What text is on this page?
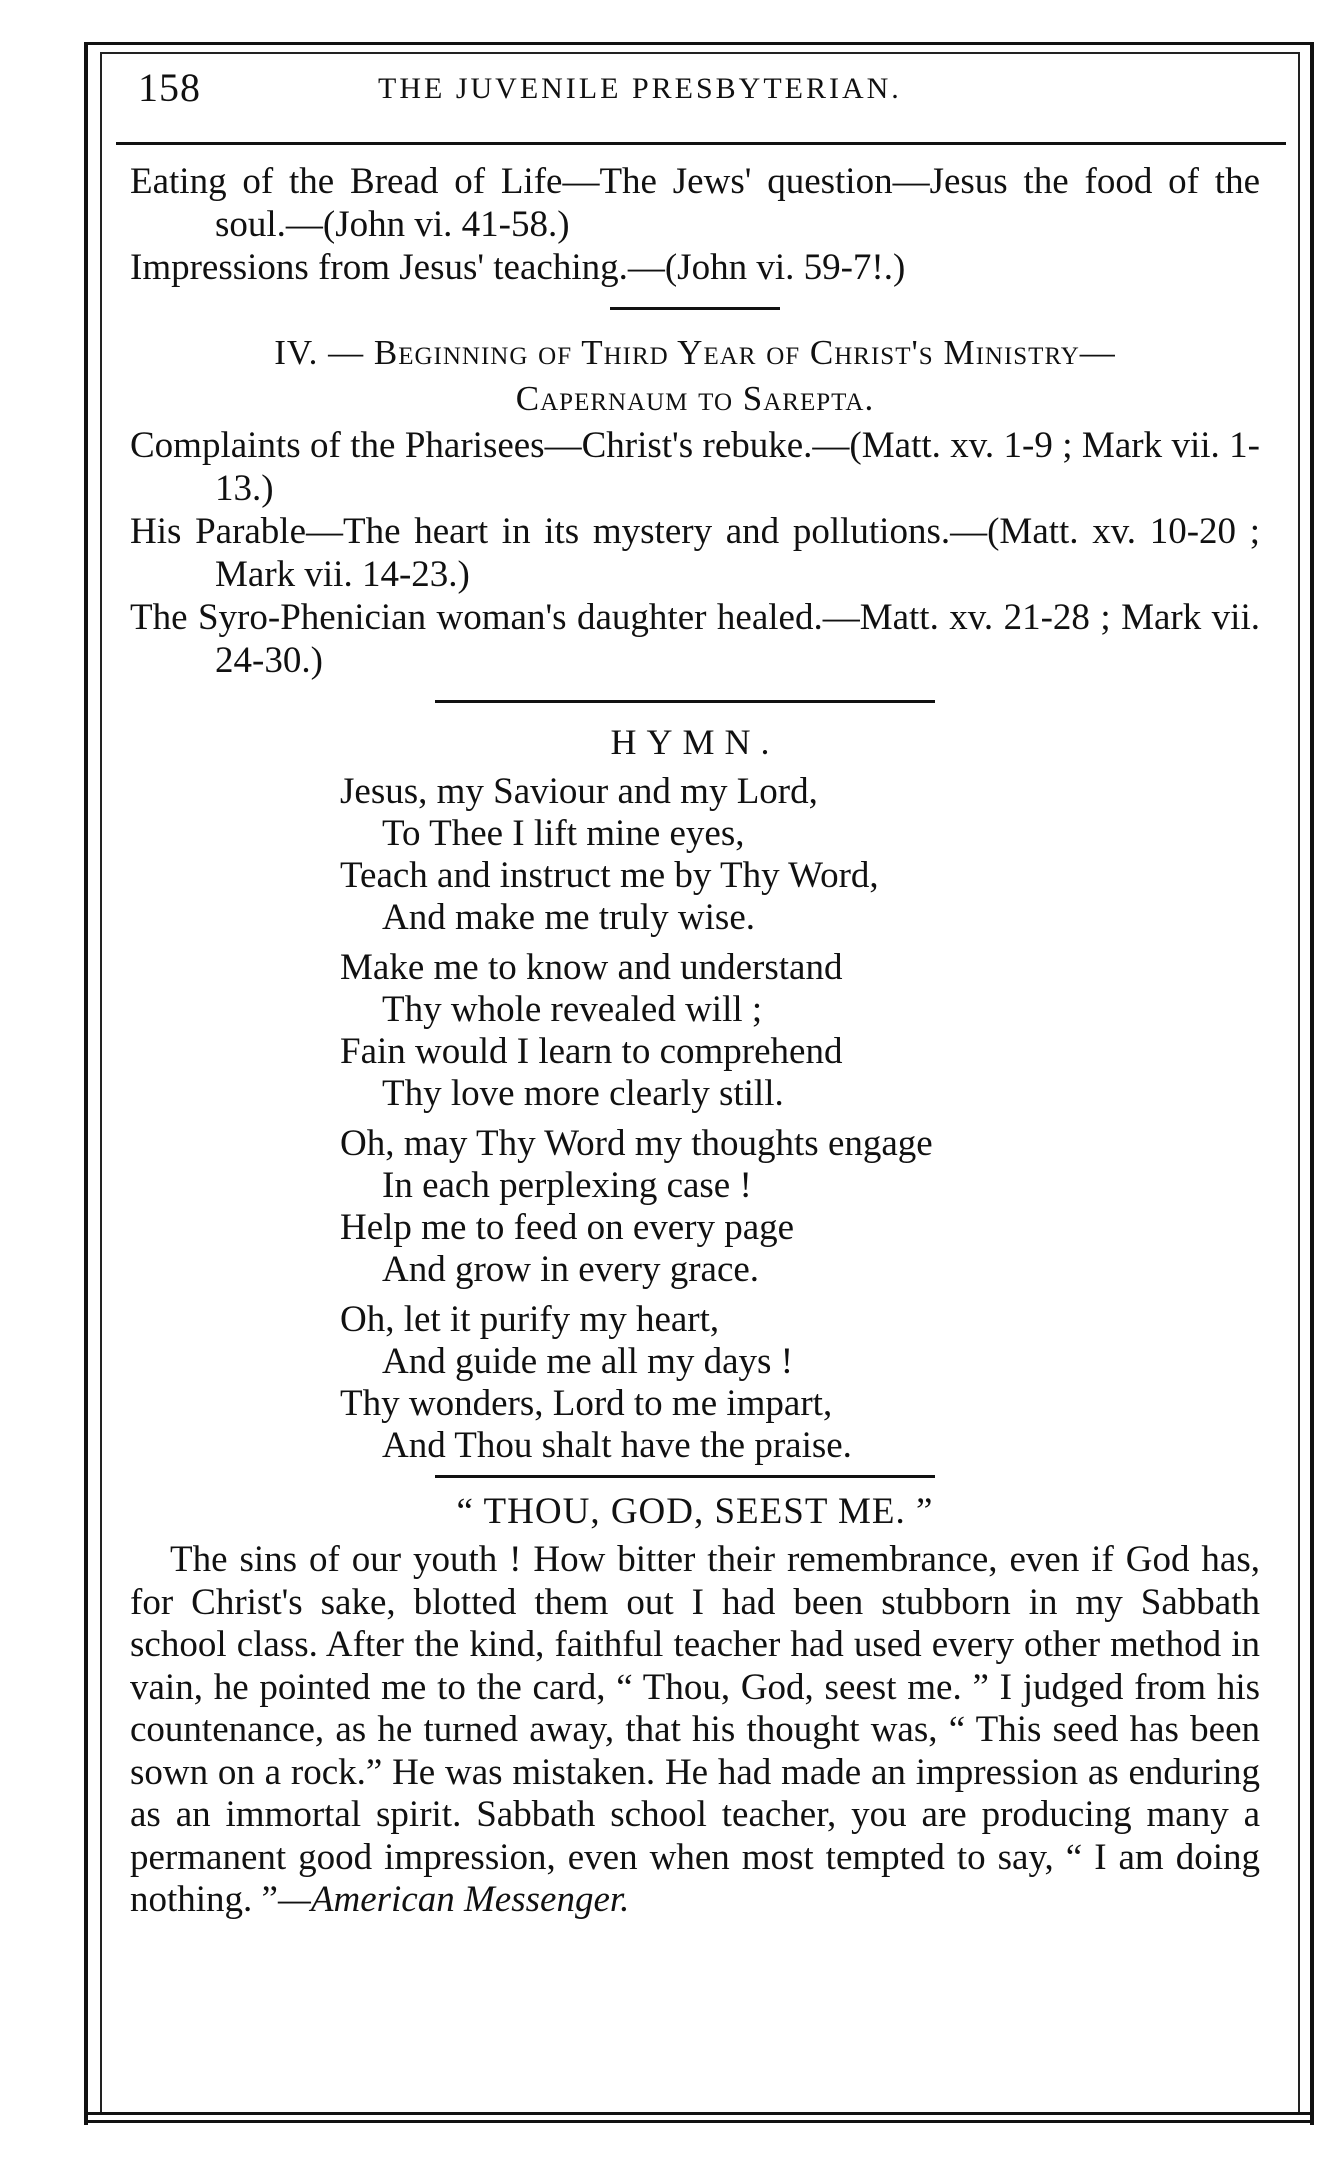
158	THE JUVENILE PRESBYTERIAN.

Eating of the Bread of Life—The Jews' question—Jesus the food of the soul.—(John vi. 41-58.)

Impressions from Jesus' teaching.—(John vi. 59-7!.)

IV. — Beginning of Third Year of Christ's Ministry—

Capernaum to Sarepta.

Complaints of the Pharisees—Christ's rebuke.—(Matt. xv. 1-9 ; Mark vii. 1-13.)

His Parable—The heart in its mystery and pollutions.—(Matt. xv. 10-20 ; Mark vii. 14-23.)

The Syro-Phenician woman's daughter healed.—Matt. xv. 21-28 ; Mark vii. 24-30.)

HYMN.
Jesus, my Saviour and my Lord,
To Thee I lift mine eyes,
Teach and instruct me by Thy Word,
And make me truly wise.
Make me to know and understand
Thy whole revealed will ;
Fain would I learn to comprehend
Thy love more clearly still.
Oh, may Thy Word my thoughts engage
In each perplexing case !
Help me to feed on every page
And grow in every grace.
Oh, let it purify my heart,
And guide me all my days !
Thy wonders, Lord to me impart,
And Thou shalt have the praise.
“ THOU, GOD, SEEST ME. ”

The sins of our youth ! How bitter their remembrance, even if God has, for Christ's sake, blotted them out I had been stubborn in my Sabbath school class. After the kind, faithful teacher had used every other method in vain, he pointed me to the card, “ Thou, God, seest me. ” I judged from his countenance, as he turned away, that his thought was, “ This seed has been sown on a rock.” He was mistaken. He had made an impression as enduring as an immortal spirit. Sabbath school teacher, you are producing many a permanent good impression, even when most tempted to say, “ I am doing nothing. ”—American Messenger.
